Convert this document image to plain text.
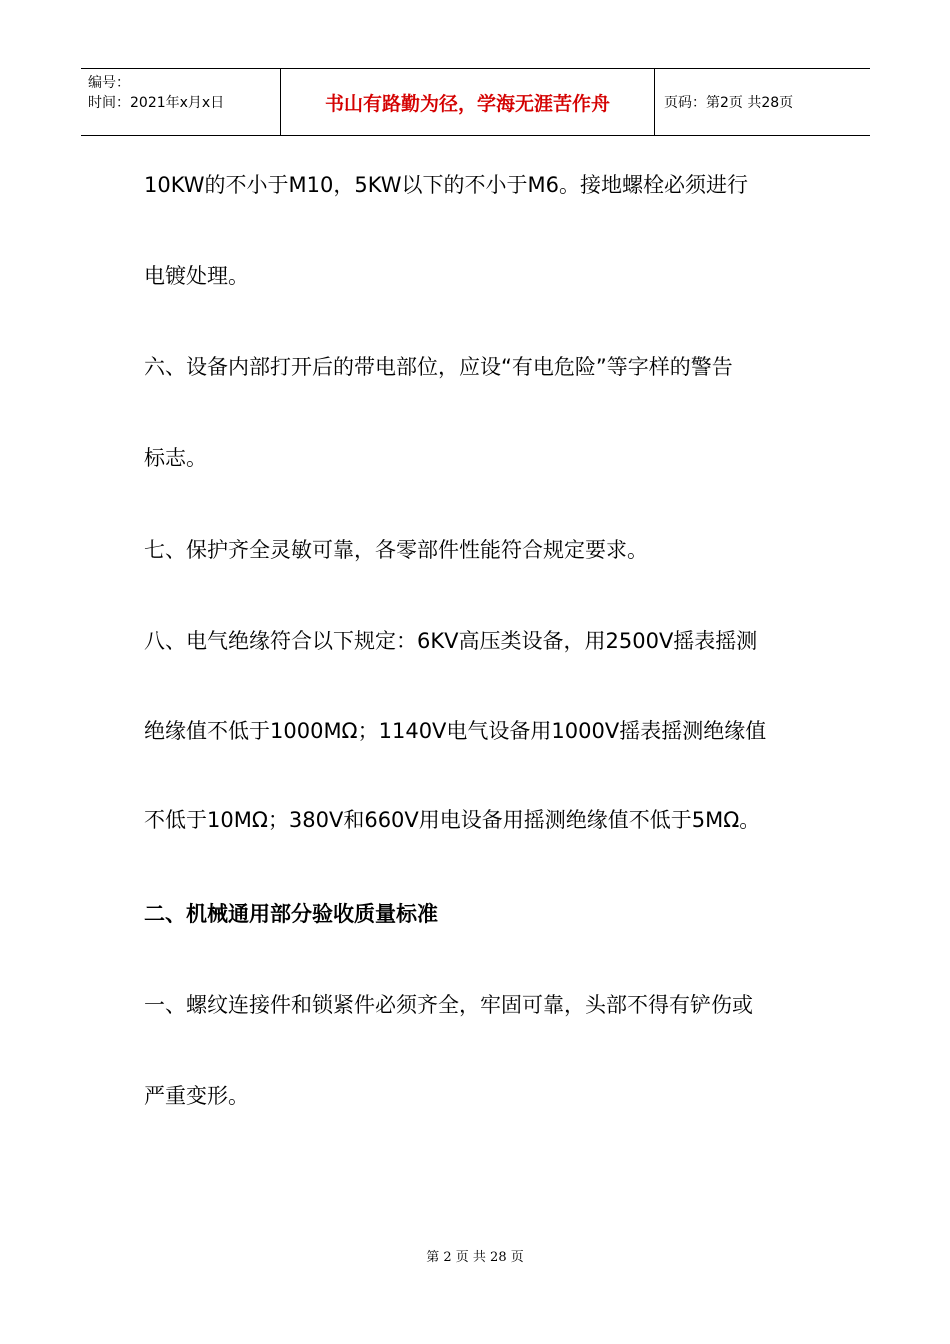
编号：
时间：2021年x月x日	书山有路勤为径，学海无涯苦作舟	页码：第2页 共28页
10KW的不小于M10，5KW以下的不小于M6。接地螺栓必须进行
电镀处理。
六、设备内部打开后的带电部位，应设“有电危险”等字样的警告
标志。
七、保护齐全灵敏可靠，各零部件性能符合规定要求。
八、电气绝缘符合以下规定：6KV高压类设备，用2500V摇表摇测
绝缘值不低于1000MΩ；1140V电气设备用1000V摇表摇测绝缘值
不低于10MΩ；380V和660V用电设备用摇测绝缘值不低于5MΩ。
二、机械通用部分验收质量标准
一、螺纹连接件和锁紧件必须齐全，牢固可靠，头部不得有铲伤或
严重变形。
第 2 页 共 28 页
